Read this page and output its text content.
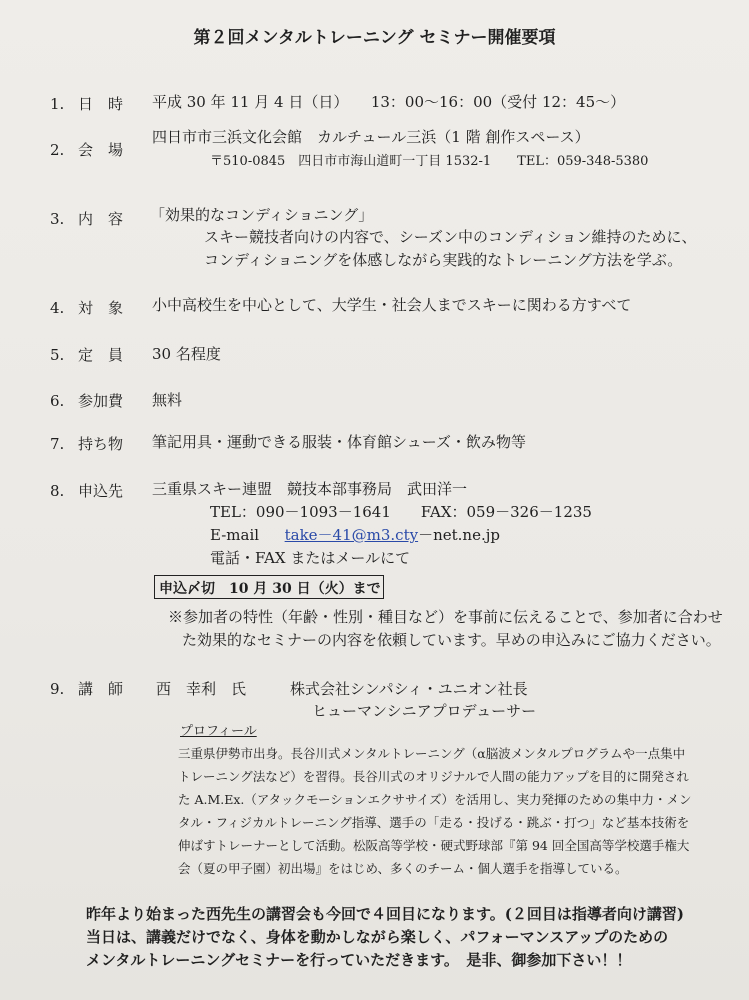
第２回メンタルトレーニング セミナー開催要項
1. 日　時 平成 30 年 11 月 4 日（日）　　13：00〜16：00（受付 12：45〜）
2. 会　場
四日市市三浜文化会館　カルチュール三浜（1 階 創作スペース）
〒510-0845　四日市市海山道町一丁目 1532-1　　TEL：059-348-5380
3. 内　容 「効果的なコンディショニング」
スキー競技者向けの内容で、シーズン中のコンディション維持のために、
コンディショニングを体感しながら実践的なトレーニング方法を学ぶ。
4. 対　象 小中高校生を中心として、大学生・社会人までスキーに関わる方すべて
5. 定　員 30 名程度
6. 参加費 無料
7. 持ち物 筆記用具・運動できる服装・体育館シューズ・飲み物等
8. 申込先 三重県スキー連盟　競技本部事務局　武田洋一
TEL：090－1093－1641　　FAX：059－326－1235
E-mail take－41@m3.cty－net.ne.jp
電話・FAX またはメールにて
申込〆切　10 月 30 日（火）まで
※参加者の特性（年齢・性別・種目など）を事前に伝えることで、参加者に合わせ
た効果的なセミナーの内容を依頼しています。早めの申込みにご協力ください。
9. 講　師 西　幸利　氏	株式会社シンパシィ・ユニオン社長
ヒューマンシニアプロデューサー
プロフィール
三重県伊勢市出身。長谷川式メンタルトレーニング（α脳波メンタルプログラムや一点集中
トレーニング法など）を習得。長谷川式のオリジナルで人間の能力アップを目的に開発され
た A.M.Ex.（アタックモーションエクササイズ）を活用し、実力発揮のための集中力・メン
タル・フィジカルトレーニング指導、選手の「走る・投げる・跳ぶ・打つ」など基本技術を
伸ばすトレーナーとして活動。松阪高等学校・硬式野球部『第 94 回全国高等学校選手権大
会（夏の甲子園）初出場』をはじめ、多くのチーム・個人選手を指導している。
昨年より始まった西先生の講習会も今回で４回目になります。(２回目は指導者向け講習)
当日は、講義だけでなく、身体を動かしながら楽しく、パフォーマンスアップのための
メンタルトレーニングセミナーを行っていただきます。　是非、御参加下さい！！
